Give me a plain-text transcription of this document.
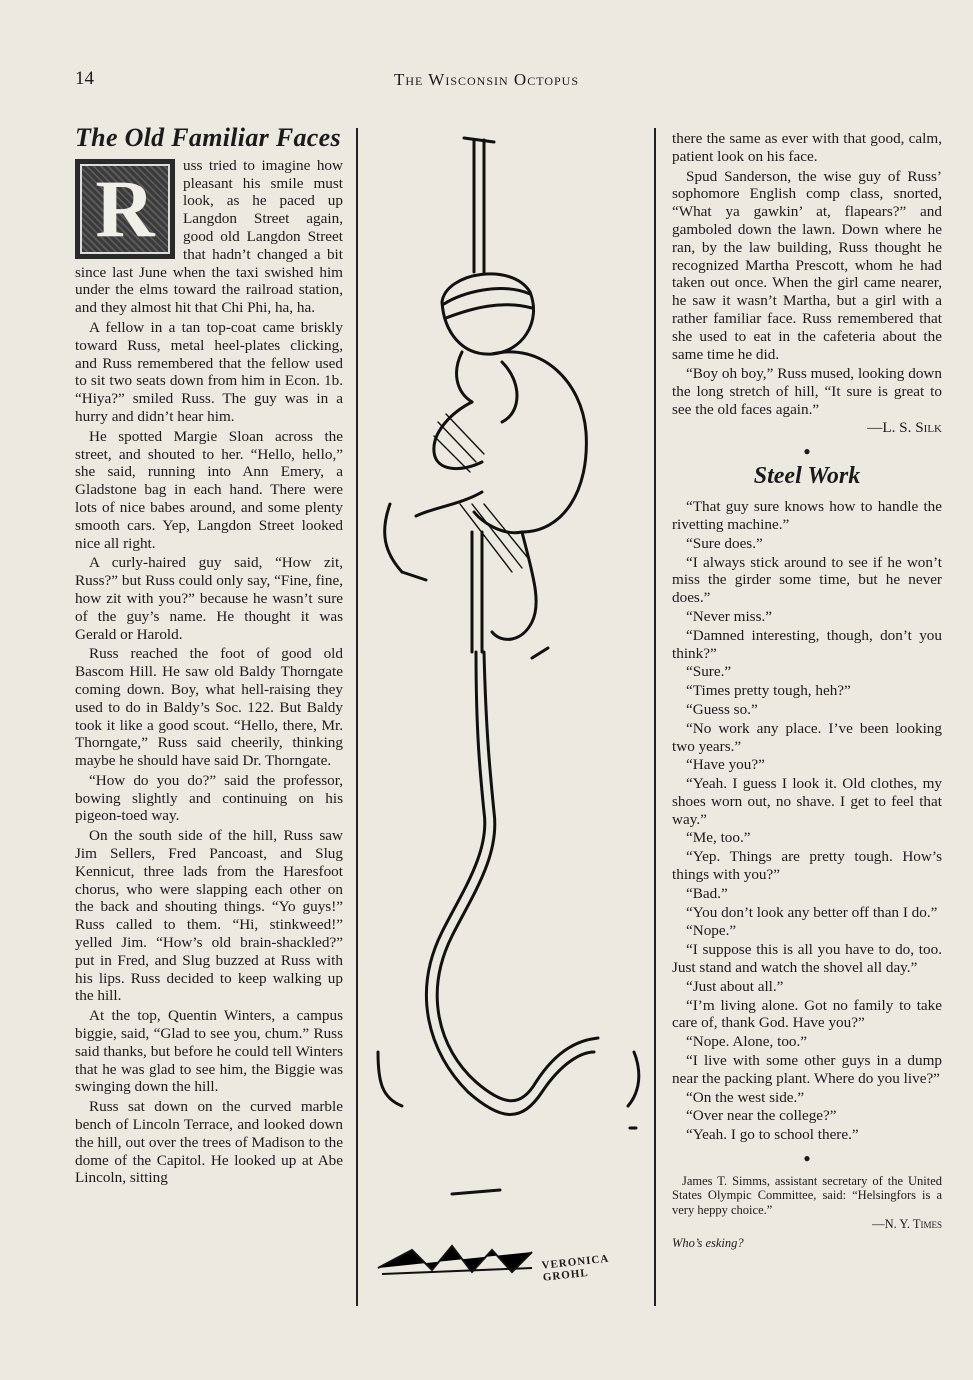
14	The Wisconsin Octopus
The Old Familiar Faces
R	uss tried to imagine how pleasant his smile must look, as he paced up Langdon Street again, good old Langdon Street that hadn’t changed a bit since last June when the taxi swished him under the elms toward the railroad station, and they almost hit that Chi Phi, ha, ha.

A fellow in a tan top-coat came briskly toward Russ, metal heel-plates clicking, and Russ remembered that the fellow used to sit two seats down from him in Econ. 1b. “Hiya?” smiled Russ. The guy was in a hurry and didn’t hear him.

He spotted Margie Sloan across the street, and shouted to her. “Hello, hello,” she said, running into Ann Emery, a Gladstone bag in each hand. There were lots of nice babes around, and some plenty smooth cars. Yep, Langdon Street looked nice all right.

A curly-haired guy said, “How zit, Russ?” but Russ could only say, “Fine, fine, how zit with you?” because he wasn’t sure of the guy’s name. He thought it was Gerald or Harold.

Russ reached the foot of good old Bascom Hill. He saw old Baldy Thorngate coming down. Boy, what hell-raising they used to do in Baldy’s Soc. 122. But Baldy took it like a good scout. “Hello, there, Mr. Thorngate,” Russ said cheerily, thinking maybe he should have said Dr. Thorngate.

“How do you do?” said the professor, bowing slightly and continuing on his pigeon-toed way.

On the south side of the hill, Russ saw Jim Sellers, Fred Pancoast, and Slug Kennicut, three lads from the Haresfoot chorus, who were slapping each other on the back and shouting things. “Yo guys!” Russ called to them. “Hi, stinkweed!” yelled Jim. “How’s old brain-shackled?” put in Fred, and Slug buzzed at Russ with his lips. Russ decided to keep walking up the hill.

At the top, Quentin Winters, a campus biggie, said, “Glad to see you, chum.” Russ said thanks, but before he could tell Winters that he was glad to see him, the Biggie was swinging down the hill.

Russ sat down on the curved marble bench of Lincoln Terrace, and looked down the hill, out over the trees of Madison to the dome of the Capitol. He looked up at Abe Lincoln, sitting

VERONICA GROHL

there the same as ever with that good, calm, patient look on his face.

Spud Sanderson, the wise guy of Russ’ sophomore English comp class, snorted, “What ya gawkin’ at, flapears?” and gamboled down the lawn. Down where he ran, by the law building, Russ thought he recognized Martha Prescott, whom he had taken out once. When the girl came nearer, he saw it wasn’t Martha, but a girl with a rather familiar face. Russ remembered that she used to eat in the cafeteria about the same time he did.

“Boy oh boy,” Russ mused, looking down the long stretch of hill, “It sure is great to see the old faces again.”

—L. S. Silk

●

Steel Work

“That guy sure knows how to handle the rivetting machine.”

“Sure does.”

“I always stick around to see if he won’t miss the girder some time, but he never does.”

“Never miss.”

“Damned interesting, though, don’t you think?”

“Sure.”

“Times pretty tough, heh?”

“Guess so.”

“No work any place. I’ve been looking two years.”

“Have you?”

“Yeah. I guess I look it. Old clothes, my shoes worn out, no shave. I get to feel that way.”

“Me, too.”

“Yep. Things are pretty tough. How’s things with you?”

“Bad.”

“You don’t look any better off than I do.”

“Nope.”

“I suppose this is all you have to do, too. Just stand and watch the shovel all day.”

“Just about all.”

“I’m living alone. Got no family to take care of, thank God. Have you?”

“Nope. Alone, too.”

“I live with some other guys in a dump near the packing plant. Where do you live?”

“On the west side.”

“Over near the college?”

“Yeah. I go to school there.”

●

James T. Simms, assistant secretary of the United States Olympic Committee, said: “Helsingfors is a very heppy choice.”

—N. Y. Times

Who’s esking?
